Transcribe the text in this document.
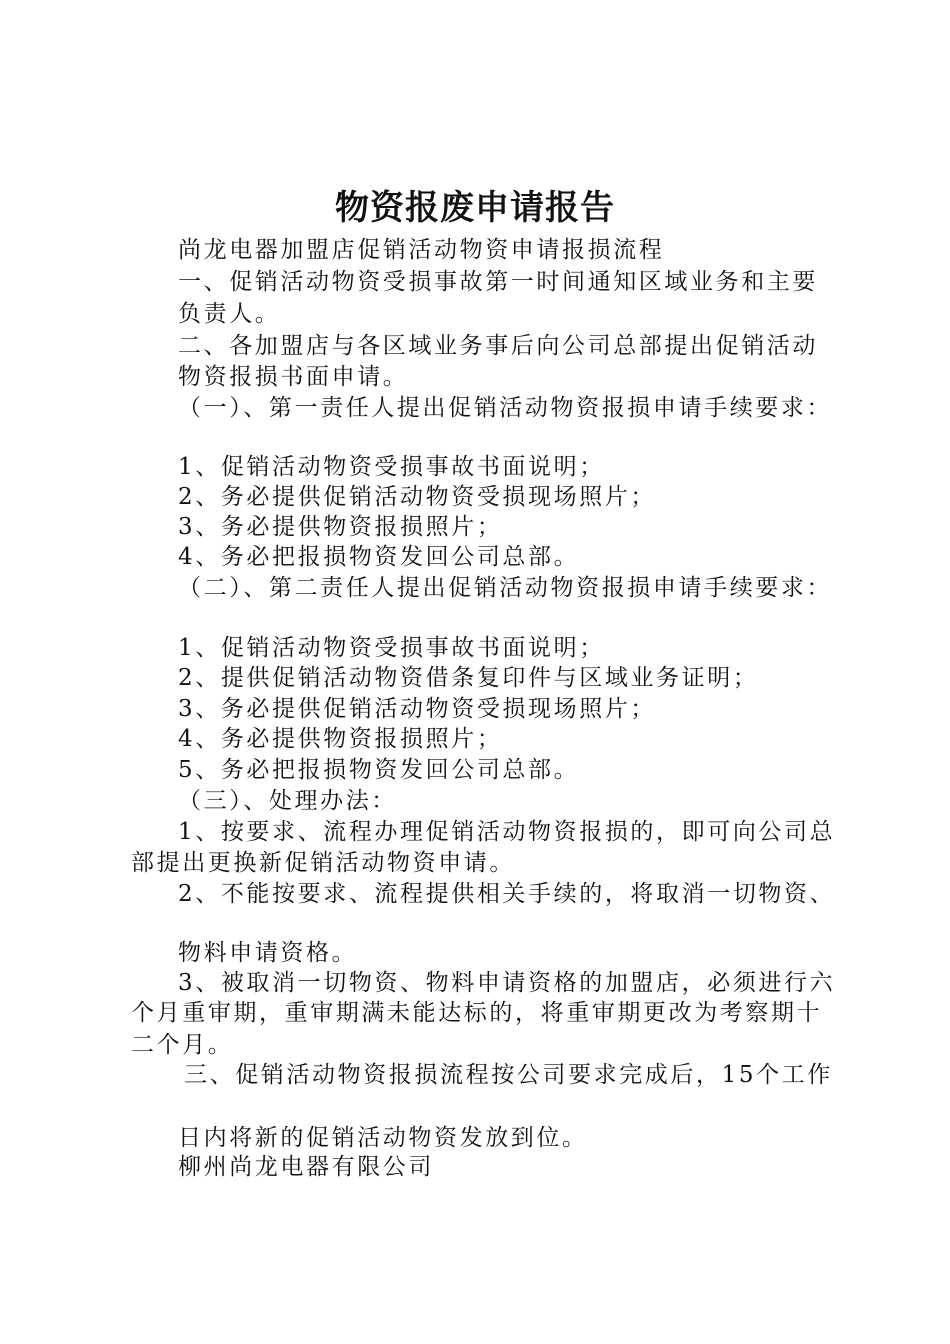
物资报废申请报告
尚龙电器加盟店促销活动物资申请报损流程
一、促销活动物资受损事故第一时间通知区域业务和主要
负责人。
二、各加盟店与各区域业务事后向公司总部提出促销活动
物资报损书面申请。
（一）、第一责任人提出促销活动物资报损申请手续要求：
1、促销活动物资受损事故书面说明；
2、务必提供促销活动物资受损现场照片；
3、务必提供物资报损照片；
4、务必把报损物资发回公司总部。
（二）、第二责任人提出促销活动物资报损申请手续要求：
1、促销活动物资受损事故书面说明；
2、提供促销活动物资借条复印件与区域业务证明；
3、务必提供促销活动物资受损现场照片；
4、务必提供物资报损照片；
5、务必把报损物资发回公司总部。
（三）、处理办法：
1、按要求、流程办理促销活动物资报损的，即可向公司总
部提出更换新促销活动物资申请。
2、不能按要求、流程提供相关手续的，将取消一切物资、
物料申请资格。
3、被取消一切物资、物料申请资格的加盟店，必须进行六
个月重审期，重审期满未能达标的，将重审期更改为考察期十
二个月。
三、促销活动物资报损流程按公司要求完成后，15个工作
日内将新的促销活动物资发放到位。
柳州尚龙电器有限公司
